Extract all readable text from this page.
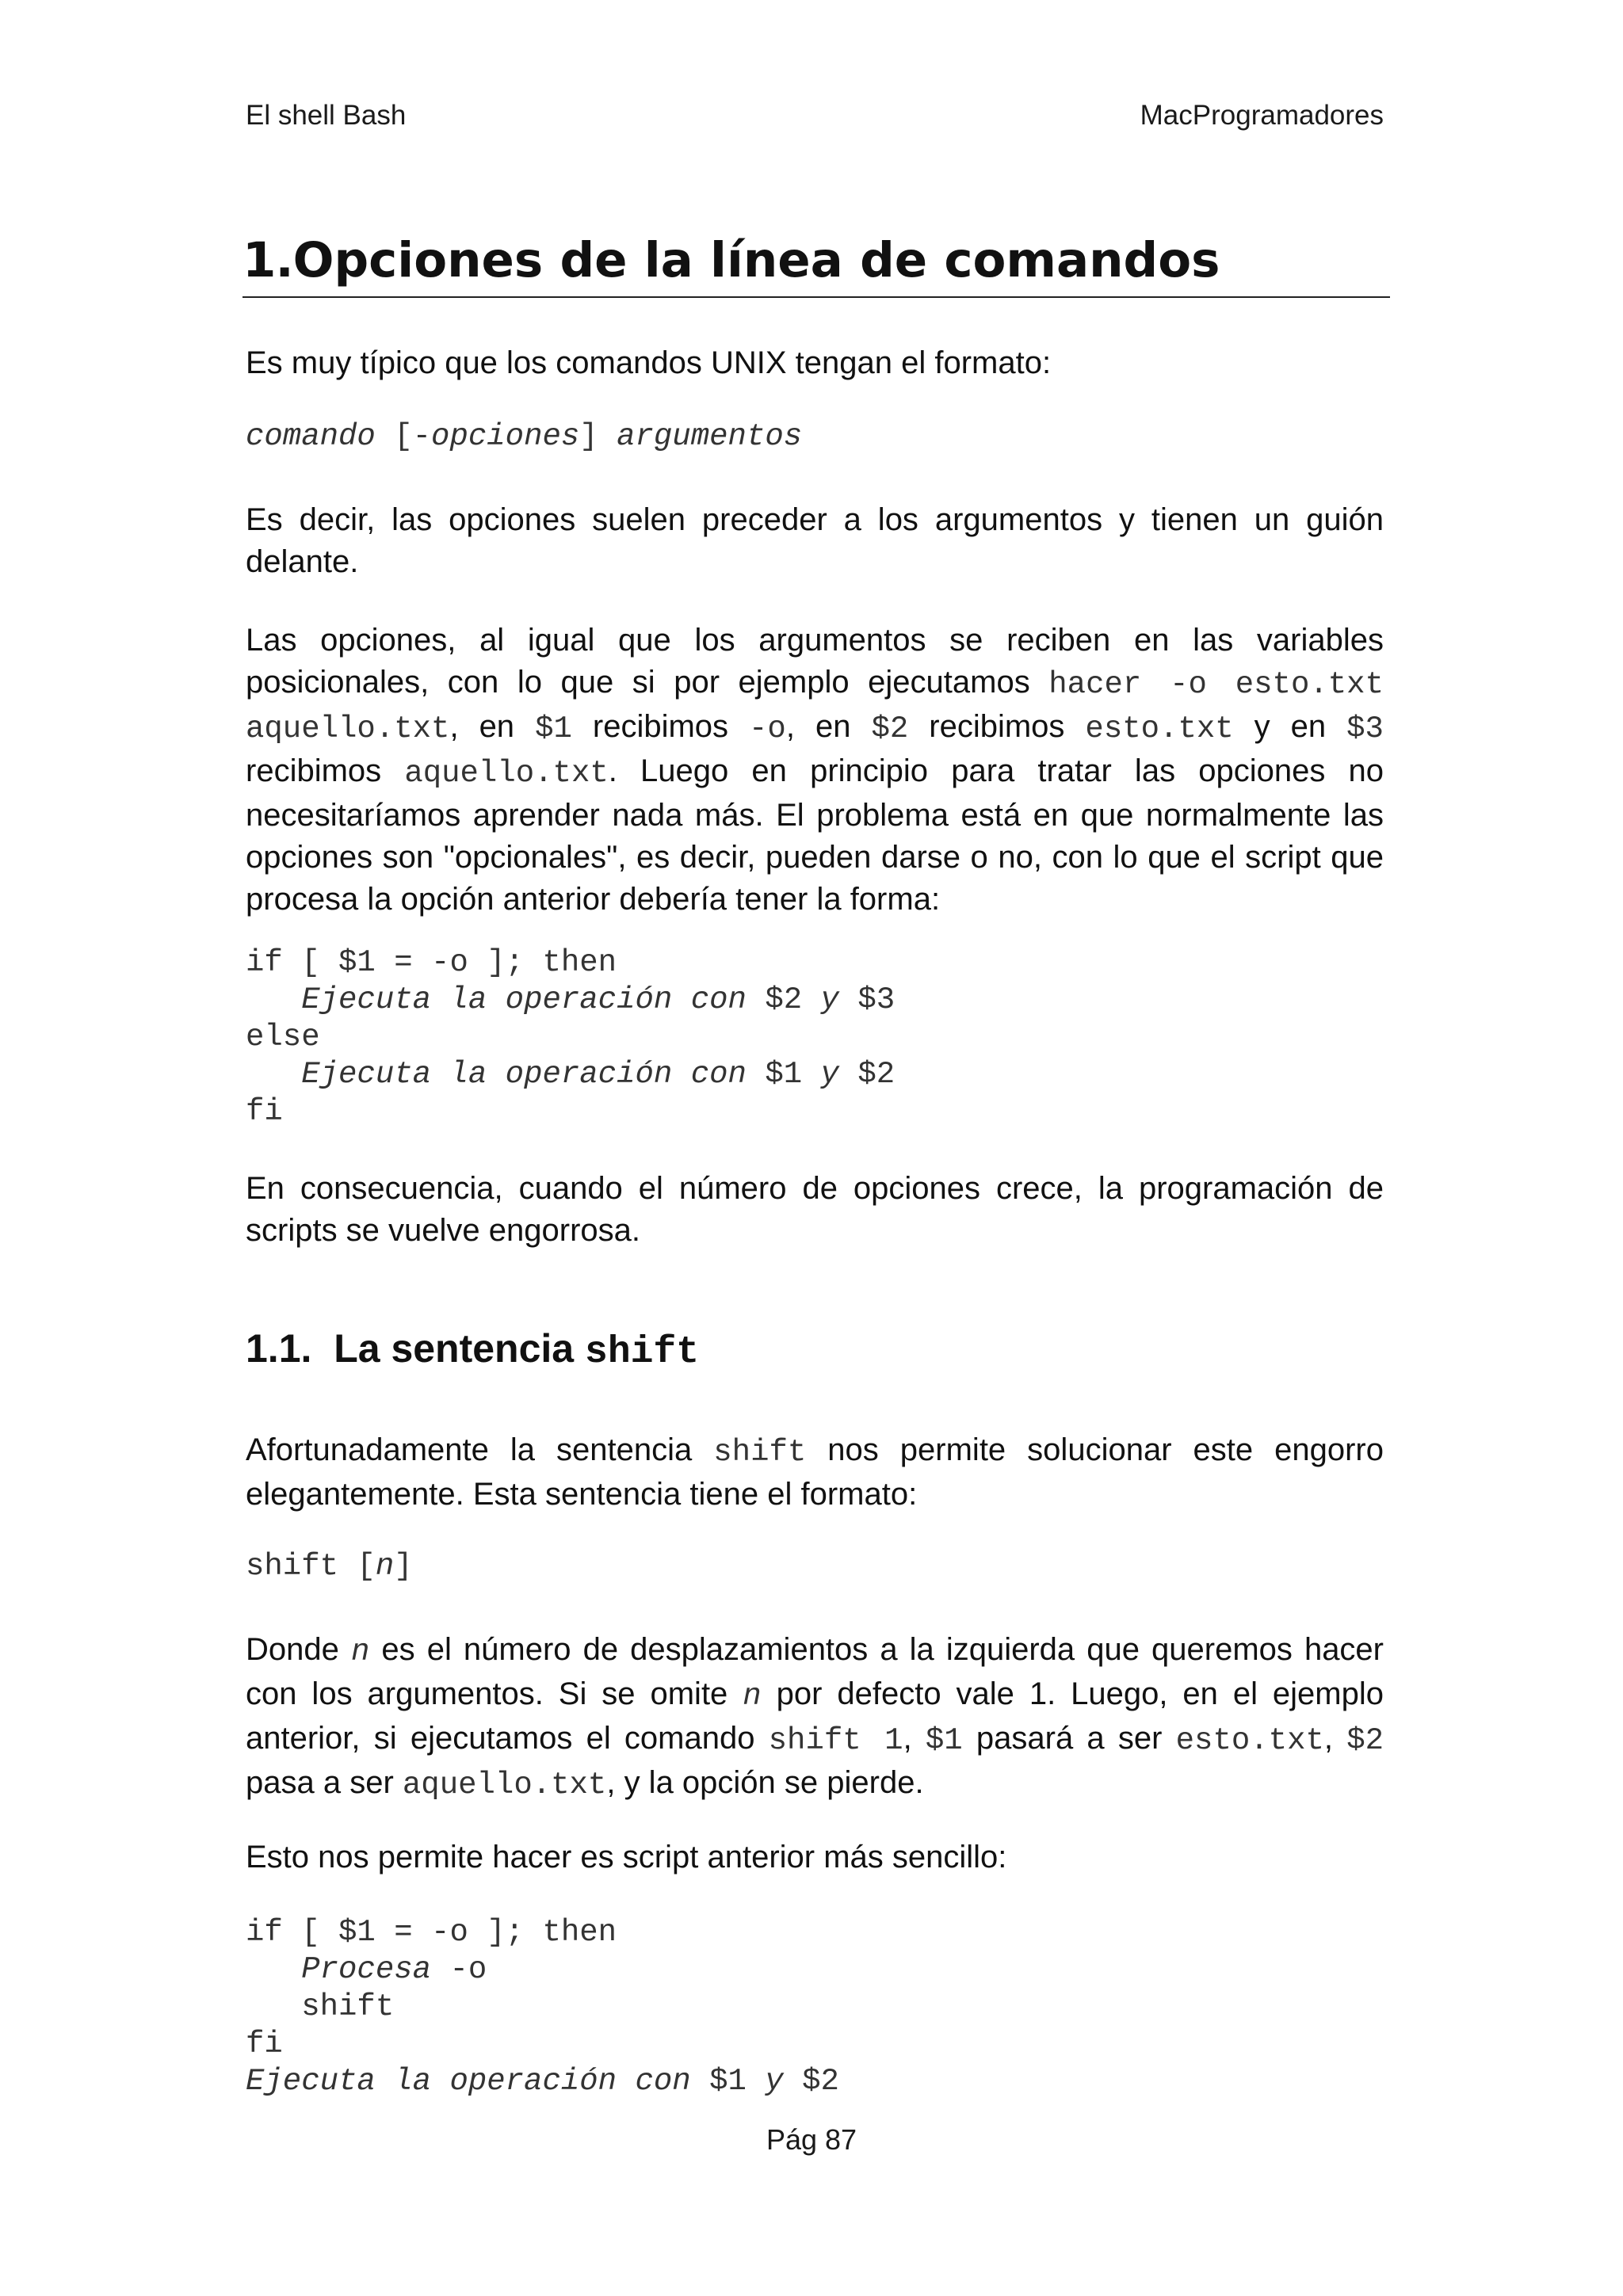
El shell Bash	MacProgramadores
1.Opciones de la línea de comandos
Es muy típico que los comandos UNIX tengan el formato:
comando [-opciones] argumentos
Es decir, las opciones suelen preceder a los argumentos y tienen un guión delante.
Las opciones, al igual que los argumentos se reciben en las variables posicionales, con lo que si por ejemplo ejecutamos hacer -o esto.txt aquello.txt, en $1 recibimos -o, en $2 recibimos esto.txt y en $3 recibimos aquello.txt. Luego en principio para tratar las opciones no necesitaríamos aprender nada más. El problema está en que normalmente las opciones son "opcionales", es decir, pueden darse o no, con lo que el script que procesa la opción anterior debería tener la forma:
if [ $1 = -o ]; then
Ejecuta la operación con $2 y $3
else
Ejecuta la operación con $1 y $2
fi
En consecuencia, cuando el número de opciones crece, la programación de scripts se vuelve engorrosa.
1.1. La sentencia shift
Afortunadamente la sentencia shift nos permite solucionar este engorro elegantemente. Esta sentencia tiene el formato:
shift [n]
Donde n es el número de desplazamientos a la izquierda que queremos hacer con los argumentos. Si se omite n por defecto vale 1. Luego, en el ejemplo anterior, si ejecutamos el comando shift 1, $1 pasará a ser esto.txt, $2 pasa a ser aquello.txt, y la opción se pierde.
Esto nos permite hacer es script anterior más sencillo:
if [ $1 = -o ]; then
Procesa -o
shift
fi
Ejecuta la operación con $1 y $2
Pág 87
